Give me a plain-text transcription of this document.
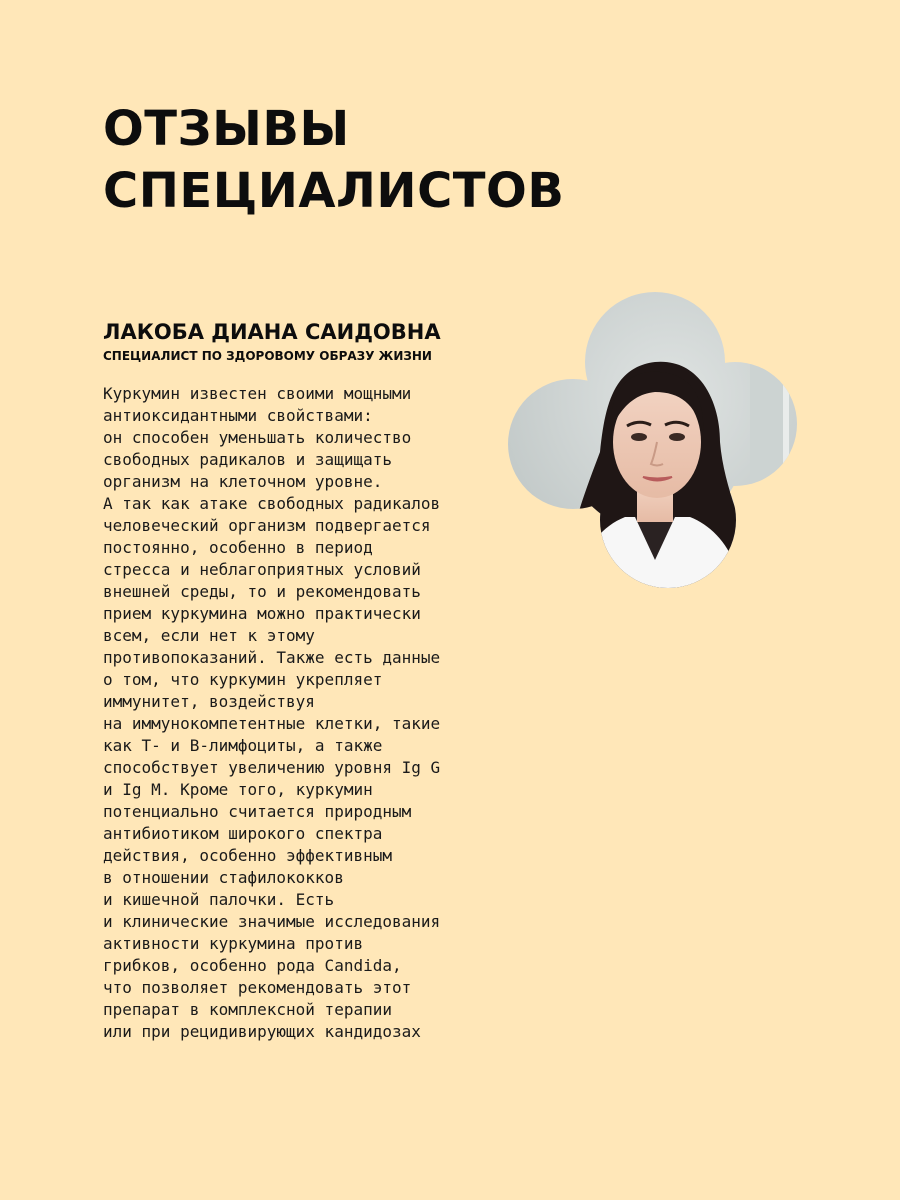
ОТЗЫВЫ
СПЕЦИАЛИСТОВ
ЛАКОБА ДИАНА САИДОВНА
СПЕЦИАЛИСТ ПО ЗДОРОВОМУ ОБРАЗУ ЖИЗНИ
Куркумин известен своими мощными
антиоксидантными свойствами:
он способен уменьшать количество
свободных радикалов и защищать
организм на клеточном уровне.
А так как атаке свободных радикалов
человеческий организм подвергается
постоянно, особенно в период
стресса и неблагоприятных условий
внешней среды, то и рекомендовать
прием куркумина можно практически
всем, если нет к этому
противопоказаний. Также есть данные
о том, что куркумин укрепляет
иммунитет, воздействуя
на иммунокомпетентные клетки, такие
как Т- и В-лимфоциты, а также
способствует увеличению уровня Ig G
и Ig M. Кроме того, куркумин
потенциально считается природным
антибиотиком широкого спектра
действия, особенно эффективным
в отношении стафилококков
и кишечной палочки. Есть
и клинические значимые исследования
активности куркумина против
грибков, особенно рода Candida,
что позволяет рекомендовать этот
препарат в комплексной терапии
или при рецидивирующих кандидозах
